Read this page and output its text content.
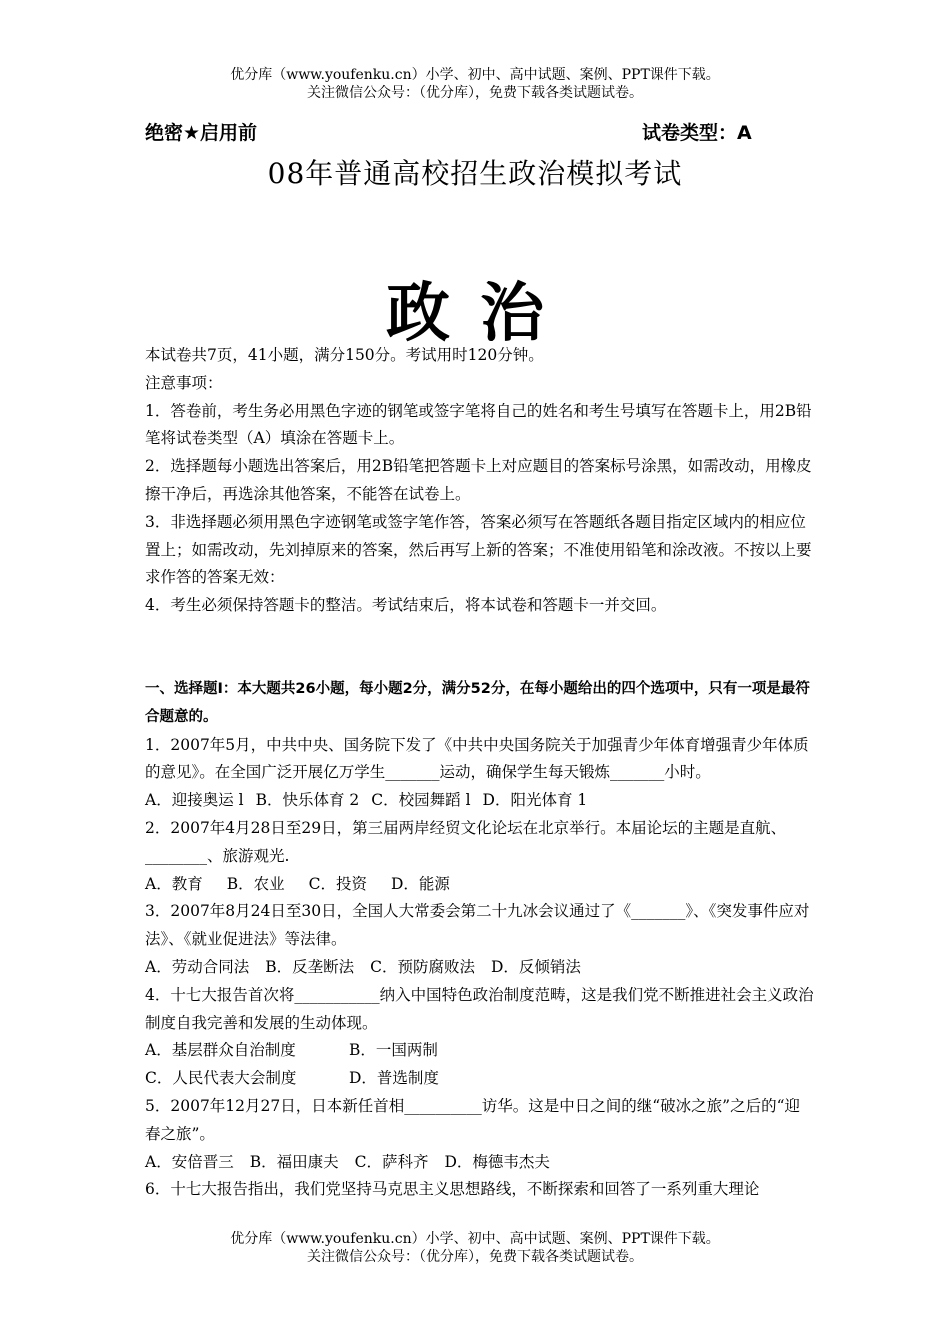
优分库（www.youfenku.cn）小学、初中、高中试题、案例、PPT课件下载。
关注微信公众号：（优分库），免费下载各类试题试卷。
绝密★启用前	试卷类型：A
08年普通高校招生政治模拟考试
政治

本试卷共7页，41小题，满分150分。考试用时120分钟。

注意事项：

1．答卷前，考生务必用黑色字迹的钢笔或签字笔将自己的姓名和考生号填写在答题卡上，用2B铅笔将试卷类型（A）填涂在答题卡上。

2．选择题每小题选出答案后，用2B铅笔把答题卡上对应题目的答案标号涂黑，如需改动，用橡皮擦干净后，再选涂其他答案，不能答在试卷上。

3．非选择题必须用黑色字迹钢笔或签字笔作答，答案必须写在答题纸各题目指定区域内的相应位置上；如需改动，先刘掉原来的答案，然后再写上新的答案；不准使用铅笔和涂改液。不按以上要求作答的答案无效：

4．考生必须保持答题卡的整洁。考试结束后，将本试卷和答题卡一并交回。

一、选择题Ⅰ：本大题共26小题，每小题2分，满分52分，在每小题给出的四个选项中，只有一项是最符合题意的。

1．2007年5月，中共中央、国务院下发了《中共中央国务院关于加强青少年体育增强青少年体质的意见》。在全国广泛开展亿万学生_______运动，确保学生每天锻炼_______小时。

A．迎接奥运 l B．快乐体育 2 C．校园舞蹈 l D．阳光体育 1

2．2007年4月28日至29日，第三届两岸经贸文化论坛在北京举行。本届论坛的主题是直航、________、旅游观光.

A．教育 B．农业 C．投资 D．能源

3．2007年8月24日至30日，全国人大常委会第二十九冰会议通过了《_______》、《突发事件应对法》、《就业促进法》等法律。

A．劳动合同法 B．反垄断法 C．预防腐败法 D．反倾销法

4．十七大报告首次将___________纳入中国特色政治制度范畴，这是我们党不断推进社会主义政治制度自我完善和发展的生动体现。

A．基层群众自治制度	B．一国两制

C．人民代表大会制度	D．普选制度

5．2007年12月27日，日本新任首相__________访华。这是中日之间的继“破冰之旅”之后的“迎春之旅”。

A．安倍晋三 B．福田康夫 C．萨科齐 D．梅德韦杰夫

6．十七大报告指出，我们党坚持马克思主义思想路线，不断探索和回答了一系列重大理论

优分库（www.youfenku.cn）小学、初中、高中试题、案例、PPT课件下载。
关注微信公众号：（优分库），免费下载各类试题试卷。
